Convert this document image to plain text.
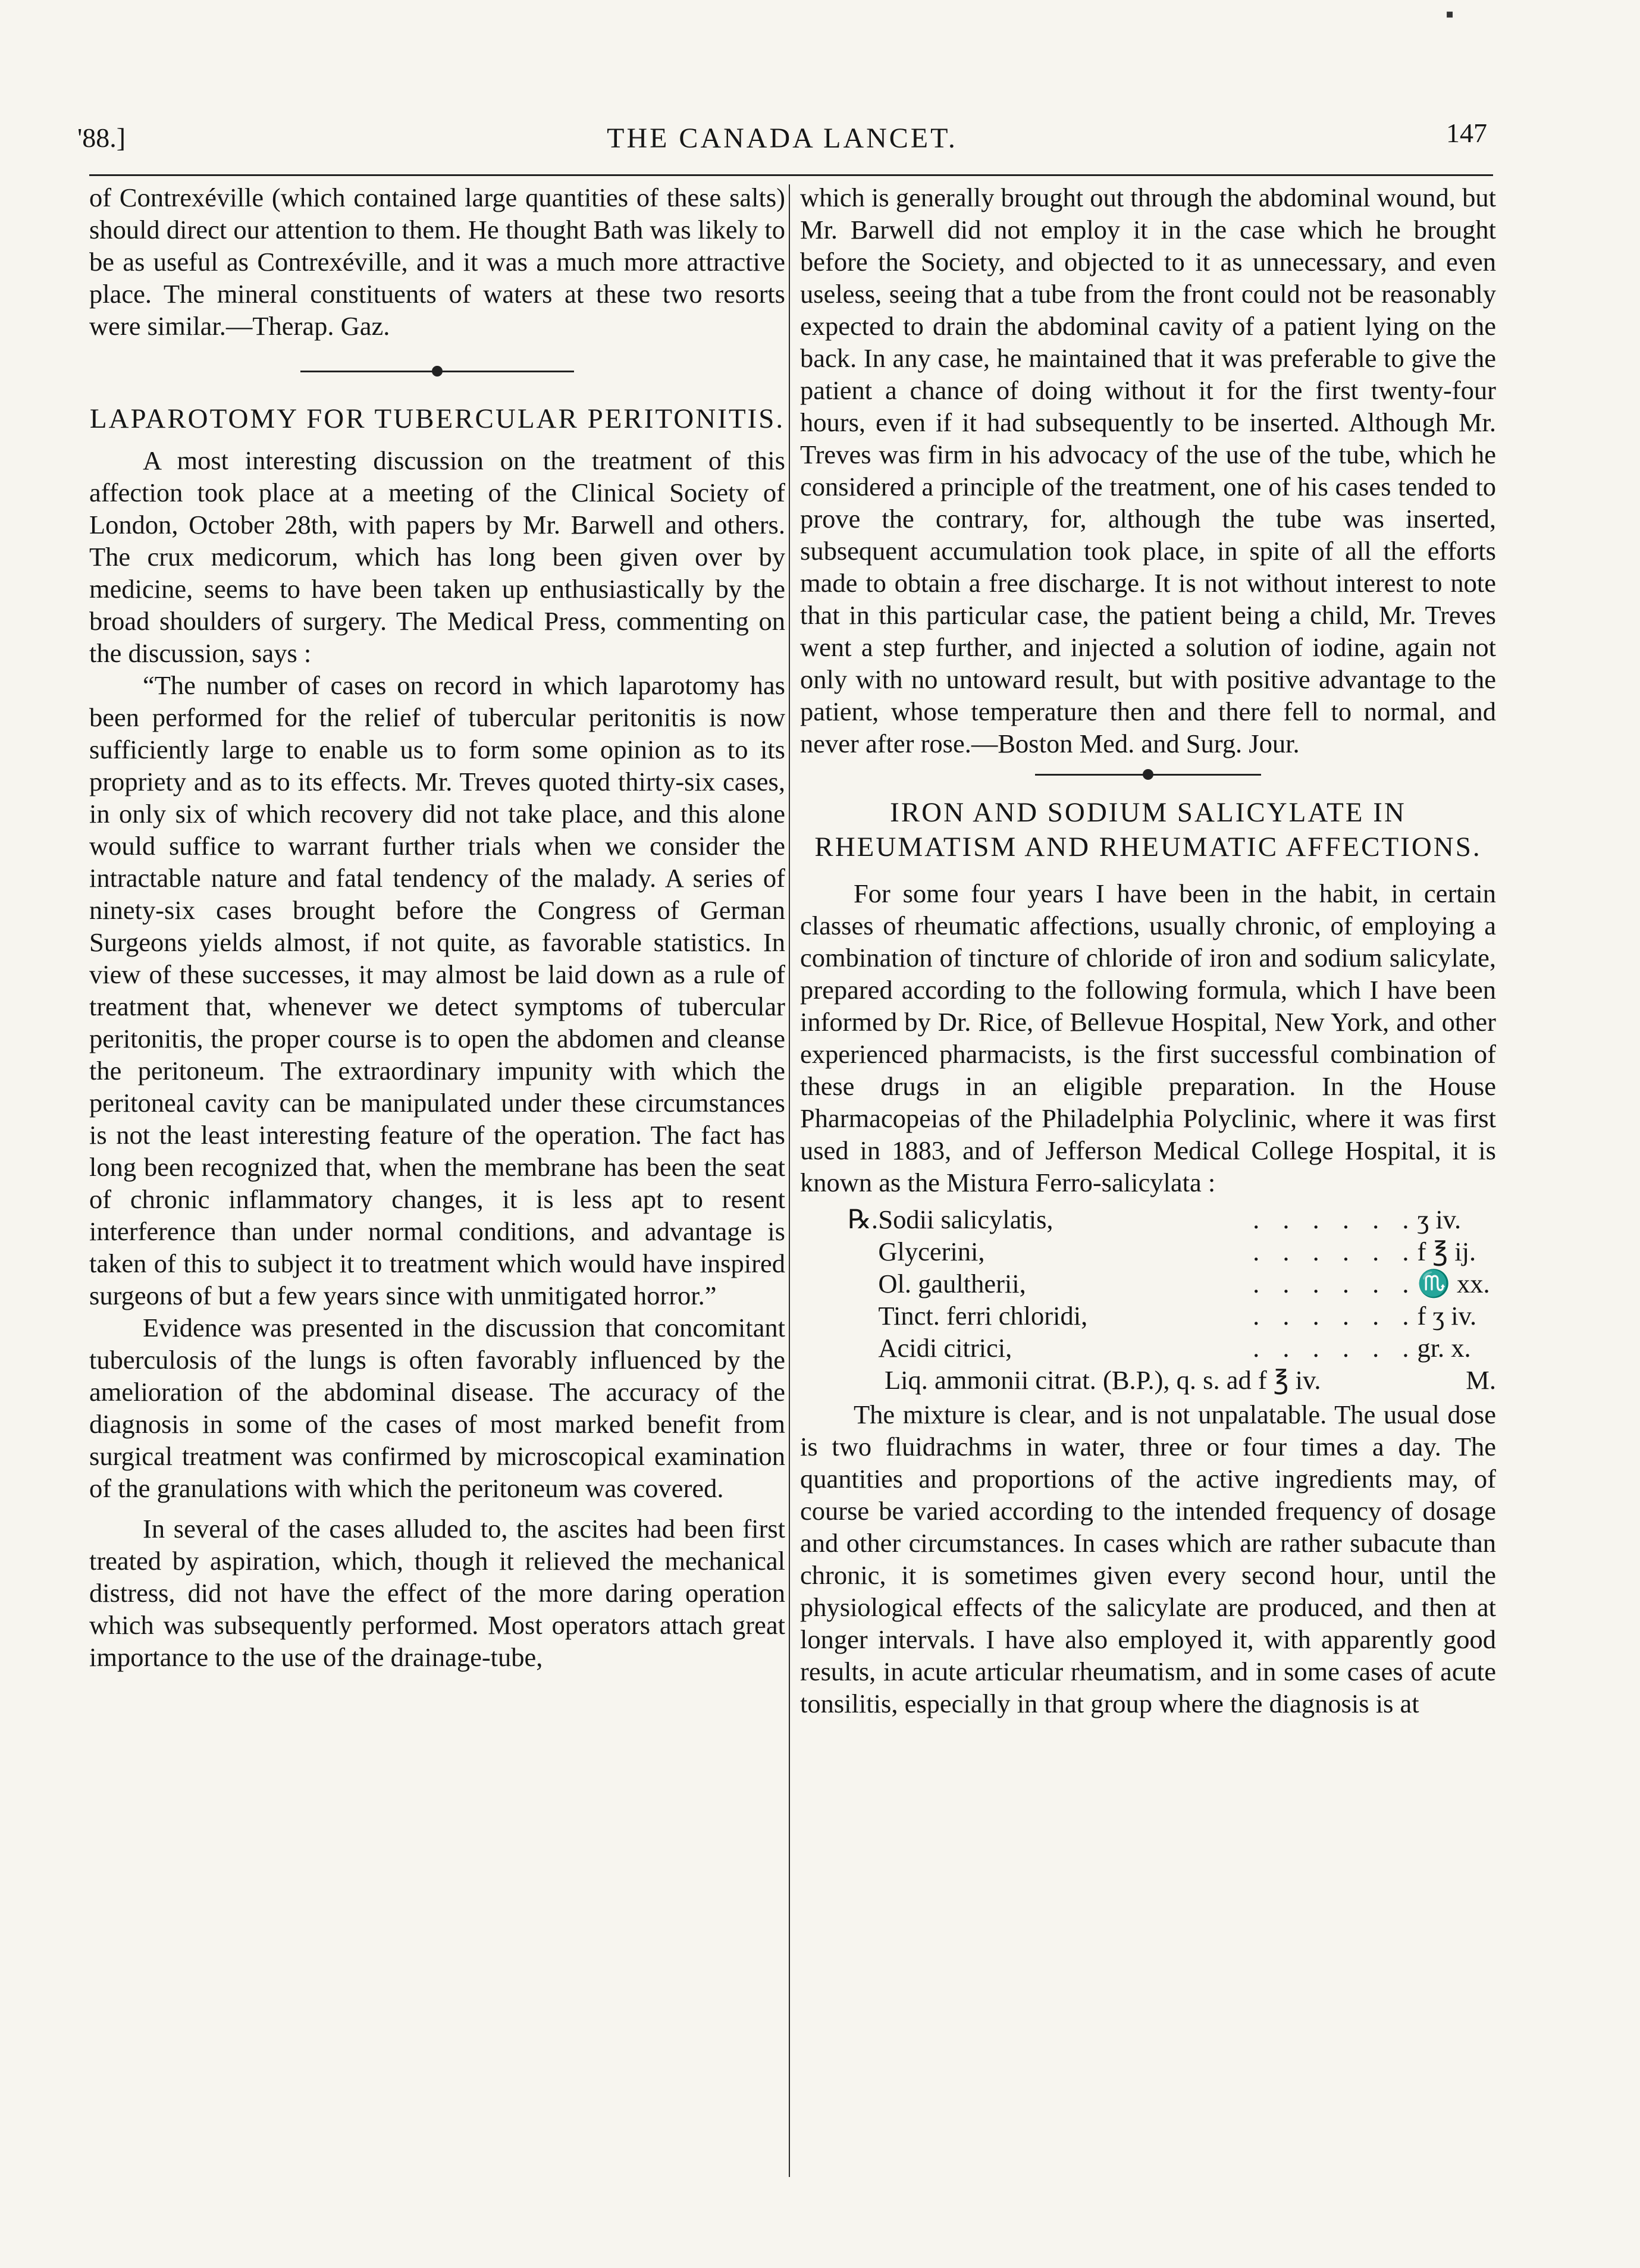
'88.]	THE CANADA LANCET.	147

of Contrexéville (which contained large quantities of these salts) should direct our attention to them. He thought Bath was likely to be as useful as Contrexéville, and it was a much more attractive place. The mineral constituents of waters at these two resorts were similar.—Therap. Gaz.

LAPAROTOMY FOR TUBERCULAR PERITONITIS.

A most interesting discussion on the treatment of this affection took place at a meeting of the Clinical Society of London, October 28th, with papers by Mr. Barwell and others. The crux medicorum, which has long been given over by medicine, seems to have been taken up enthusiastically by the broad shoulders of surgery. The Medical Press, commenting on the discussion, says :

“The number of cases on record in which laparotomy has been performed for the relief of tubercular peritonitis is now sufficiently large to enable us to form some opinion as to its propriety and as to its effects. Mr. Treves quoted thirty-six cases, in only six of which recovery did not take place, and this alone would suffice to warrant further trials when we consider the intractable nature and fatal tendency of the malady. A series of ninety-six cases brought before the Congress of German Surgeons yields almost, if not quite, as favorable statistics. In view of these successes, it may almost be laid down as a rule of treatment that, whenever we detect symptoms of tubercular peritonitis, the proper course is to open the abdomen and cleanse the peritoneum. The extraordinary impunity with which the peritoneal cavity can be manipulated under these circumstances is not the least interesting feature of the operation. The fact has long been recognized that, when the membrane has been the seat of chronic inflammatory changes, it is less apt to resent interference than under normal conditions, and advantage is taken of this to subject it to treatment which would have inspired surgeons of but a few years since with unmitigated horror.”

Evidence was presented in the discussion that concomitant tuberculosis of the lungs is often favorably influenced by the amelioration of the abdominal disease. The accuracy of the diagnosis in some of the cases of most marked benefit from surgical treatment was confirmed by microscopical examination of the granulations with which the peritoneum was covered.

In several of the cases alluded to, the ascites had been first treated by aspiration, which, though it relieved the mechanical distress, did not have the effect of the more daring operation which was subsequently performed. Most operators attach great importance to the use of the drainage-tube,

which is generally brought out through the abdominal wound, but Mr. Barwell did not employ it in the case which he brought before the Society, and objected to it as unnecessary, and even useless, seeing that a tube from the front could not be reasonably expected to drain the abdominal cavity of a patient lying on the back. In any case, he maintained that it was preferable to give the patient a chance of doing without it for the first twenty-four hours, even if it had subsequently to be inserted. Although Mr. Treves was firm in his advocacy of the use of the tube, which he considered a principle of the treatment, one of his cases tended to prove the contrary, for, although the tube was inserted, subsequent accumulation took place, in spite of all the efforts made to obtain a free discharge. It is not without interest to note that in this particular case, the patient being a child, Mr. Treves went a step further, and injected a solution of iodine, again not only with no untoward result, but with positive advantage to the patient, whose temperature then and there fell to normal, and never after rose.—Boston Med. and Surg. Jour.

IRON AND SODIUM SALICYLATE IN RHEUMATISM AND RHEUMATIC AFFECTIONS.

For some four years I have been in the habit, in certain classes of rheumatic affections, usually chronic, of employing a combination of tincture of chloride of iron and sodium salicylate, prepared according to the following formula, which I have been informed by Dr. Rice, of Bellevue Hospital, New York, and other experienced pharmacists, is the first successful combination of these drugs in an eligible preparation. In the House Pharmacopeias of the Philadelphia Polyclinic, where it was first used in 1883, and of Jefferson Medical College Hospital, it is known as the Mistura Ferro-salicylata :

℞. Sodii salicylatis,	. . . . . . ʒ iv.
Glycerini,	. . . . . . f ℥ ij.
Ol. gaultherii,	. . . . . . ♏ xx.
Tinct. ferri chloridi,	. . . . . . f ʒ iv.
Acidi citrici,	. . . . . . gr. x.
Liq. ammonii citrat. (B.P.), q. s. ad f ℥ iv.	M.

The mixture is clear, and is not unpalatable. The usual dose is two fluidrachms in water, three or four times a day. The quantities and proportions of the active ingredients may, of course be varied according to the intended frequency of dosage and other circumstances. In cases which are rather subacute than chronic, it is sometimes given every second hour, until the physiological effects of the salicylate are produced, and then at longer intervals. I have also employed it, with apparently good results, in acute articular rheumatism, and in some cases of acute tonsilitis, especially in that group where the diagnosis is at

▪
